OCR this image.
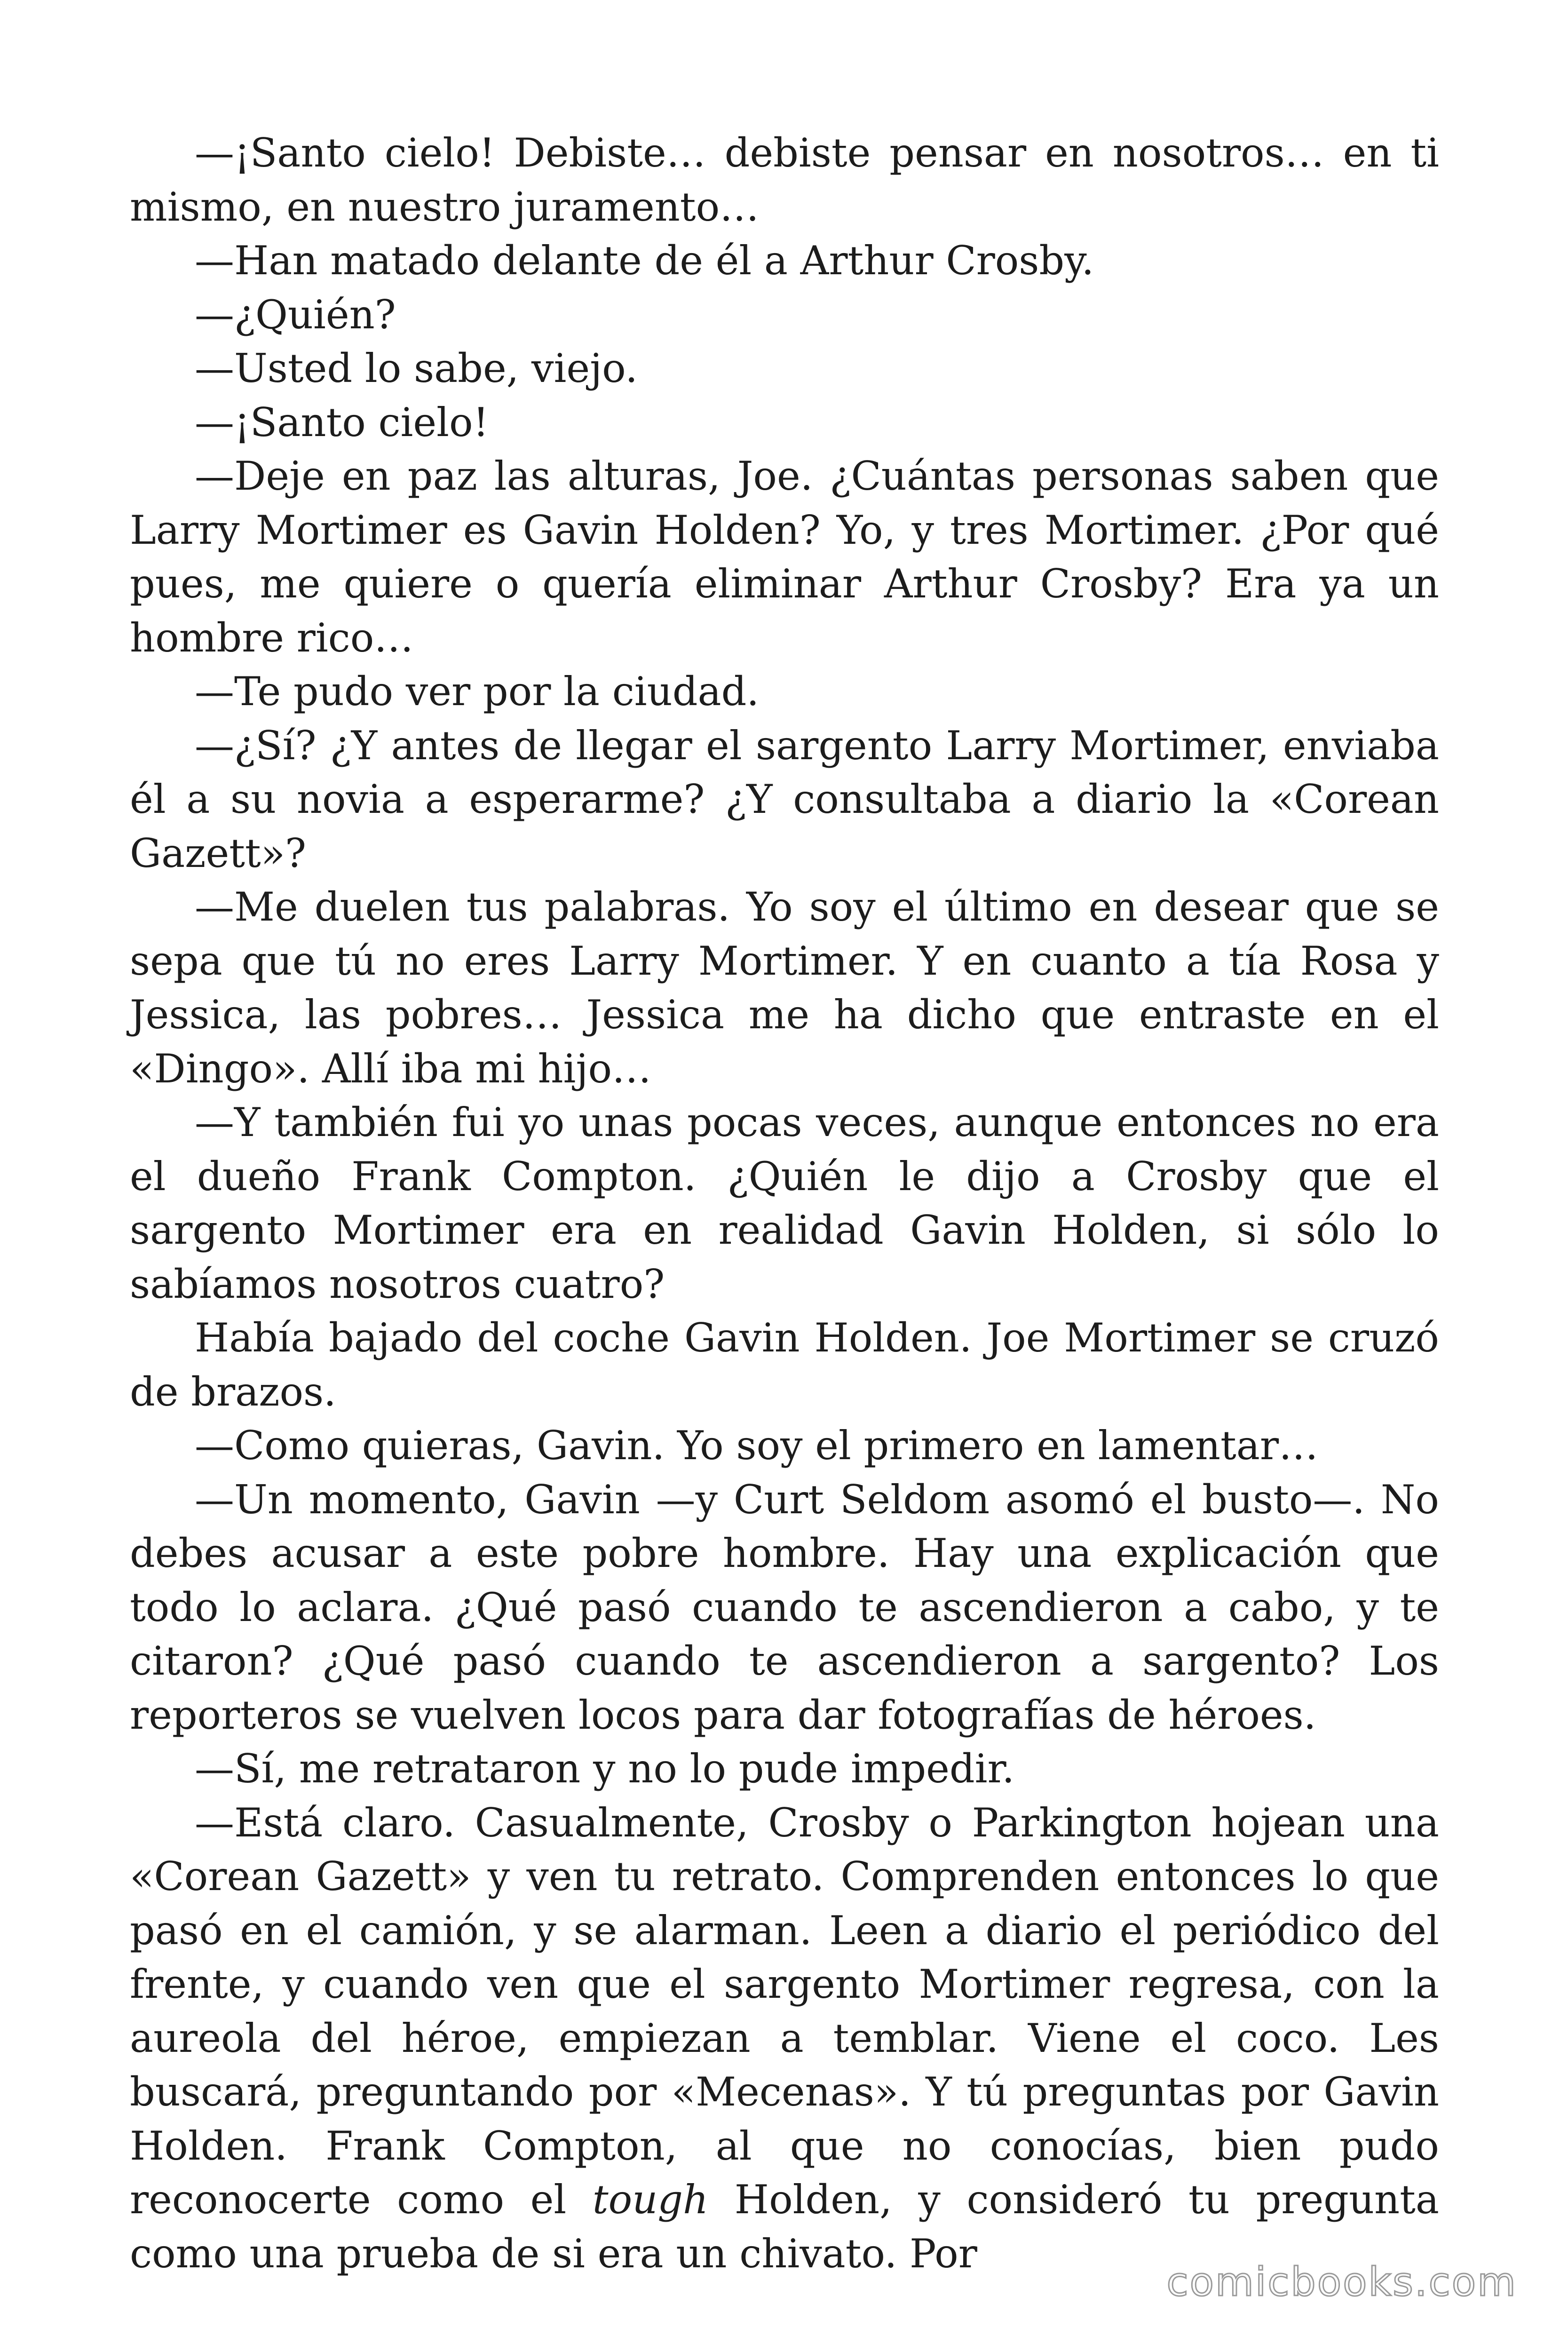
—¡Santo cielo! Debiste… debiste pensar en nosotros… en ti mismo, en nuestro juramento…

—Han matado delante de él a Arthur Crosby.

—¿Quién?

—Usted lo sabe, viejo.

—¡Santo cielo!

—Deje en paz las alturas, Joe. ¿Cuántas personas saben que Larry Mortimer es Gavin Holden? Yo, y tres Mortimer. ¿Por qué pues, me quiere o quería eliminar Arthur Crosby? Era ya un hombre rico…

—Te pudo ver por la ciudad.

—¿Sí? ¿Y antes de llegar el sargento Larry Mortimer, enviaba él a su novia a esperarme? ¿Y consultaba a diario la «Corean Gazett»?

—Me duelen tus palabras. Yo soy el último en desear que se sepa que tú no eres Larry Mortimer. Y en cuanto a tía Rosa y Jessica, las pobres… Jessica me ha dicho que entraste en el «Dingo». Allí iba mi hijo…

—Y también fui yo unas pocas veces, aunque entonces no era el dueño Frank Compton. ¿Quién le dijo a Crosby que el sargento Mortimer era en realidad Gavin Holden, si sólo lo sabíamos nosotros cuatro?

Había bajado del coche Gavin Holden. Joe Mortimer se cruzó de brazos.

—Como quieras, Gavin. Yo soy el primero en lamentar…

—Un momento, Gavin —y Curt Seldom asomó el busto—. No debes acusar a este pobre hombre. Hay una explicación que todo lo aclara. ¿Qué pasó cuando te ascendieron a cabo, y te citaron? ¿Qué pasó cuando te ascendieron a sargento? Los reporteros se vuelven locos para dar fotografías de héroes.

—Sí, me retrataron y no lo pude impedir.

—Está claro. Casualmente, Crosby o Parkington hojean una «Corean Gazett» y ven tu retrato. Comprenden entonces lo que pasó en el camión, y se alarman. Leen a diario el periódico del frente, y cuando ven que el sargento Mortimer regresa, con la aureola del héroe, empiezan a temblar. Viene el coco. Les buscará, preguntando por «Mecenas». Y tú preguntas por Gavin Holden. Frank Compton, al que no conocías, bien pudo reconocerte como el tough Holden, y consideró tu pregunta como una prueba de si era un chivato. Por

comicbooks.com
